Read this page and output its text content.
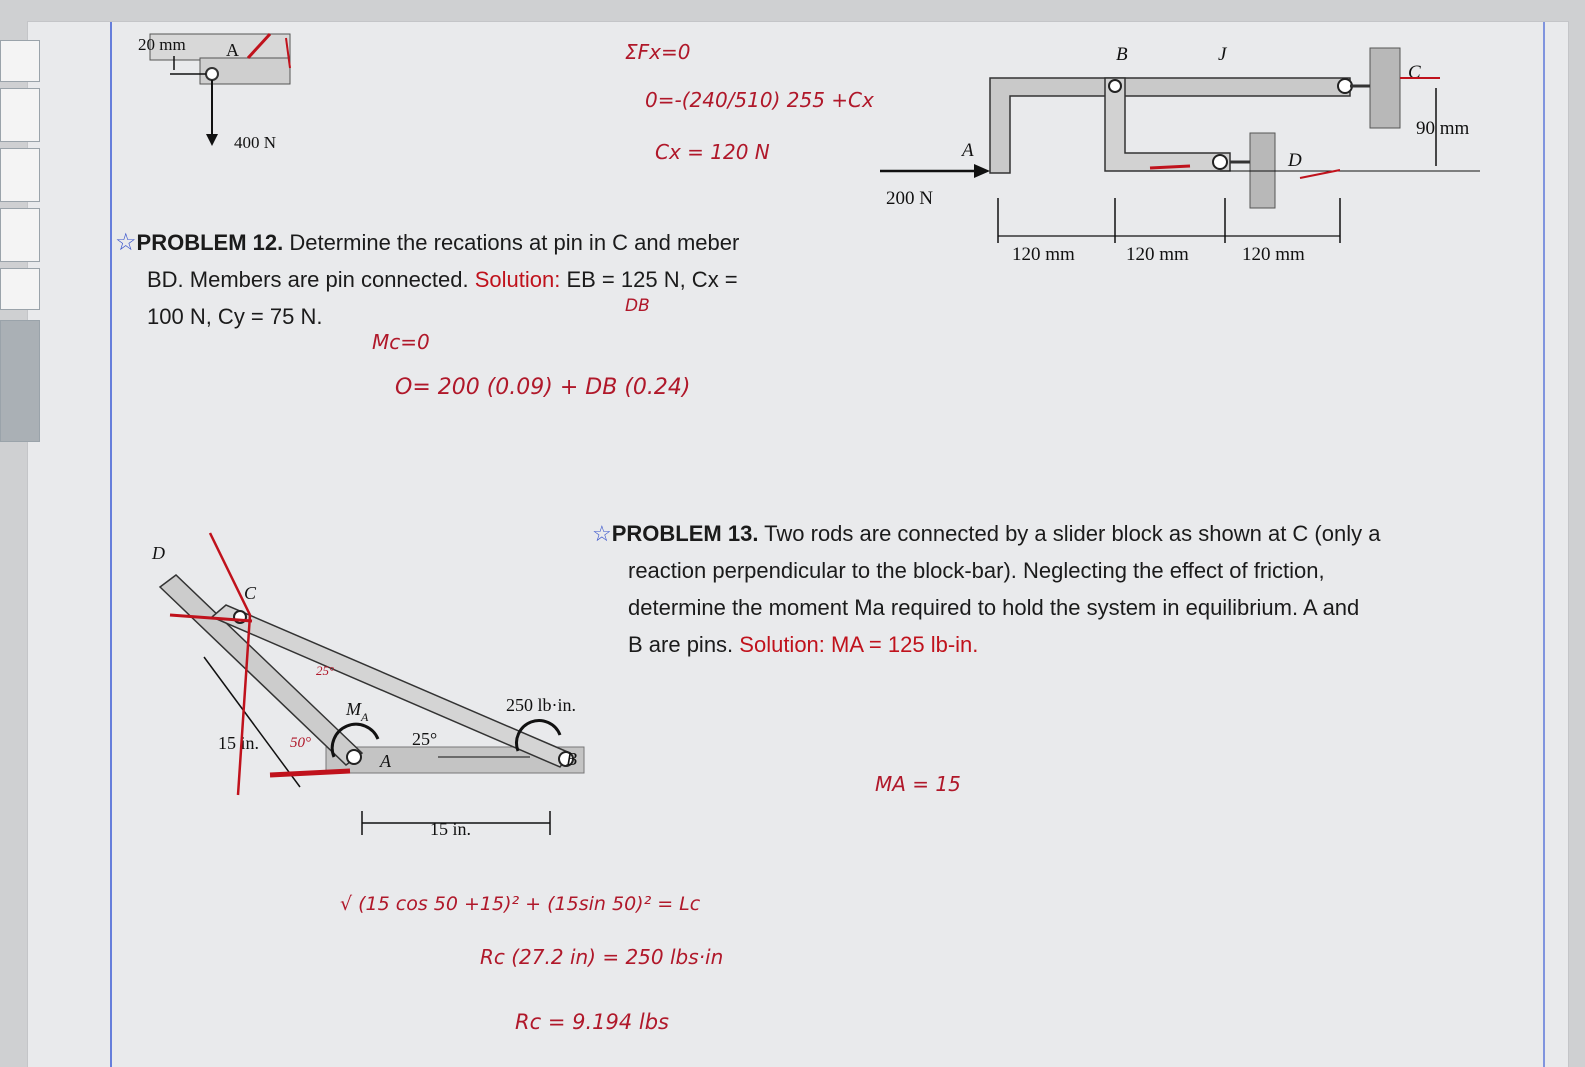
20 mm A
400 N
ΣFx=0
0=-(240/510) 255 +Cx
Cx = 120 N
200 N
A
B	J
C
D
120 mm	120 mm	120 mm
90 mm
☆PROBLEM 12. Determine the recations at pin in C and meber
BD. Members are pin connected. Solution: EB = 125 N, Cx =
100 N, Cy = 75 N.	DB
Mc=0
O= 200 (0.09) + DB (0.24)
D
C
A	B
$M_A$
250 lb·in.
25°
15 in.
15 in.
50°
25°
☆PROBLEM 13. Two rods are connected by a slider block as shown at C (only a
reaction perpendicular to the block-bar). Neglecting the effect of friction,
determine the moment Ma required to hold the system in equilibrium. A and
B are pins. Solution: MA = 125 lb-in.
MA = 15
√ (15 cos 50 +15)² + (15sin 50)² = Lc
Rc (27.2 in) = 250 lbs·in
Rc = 9.194 lbs
